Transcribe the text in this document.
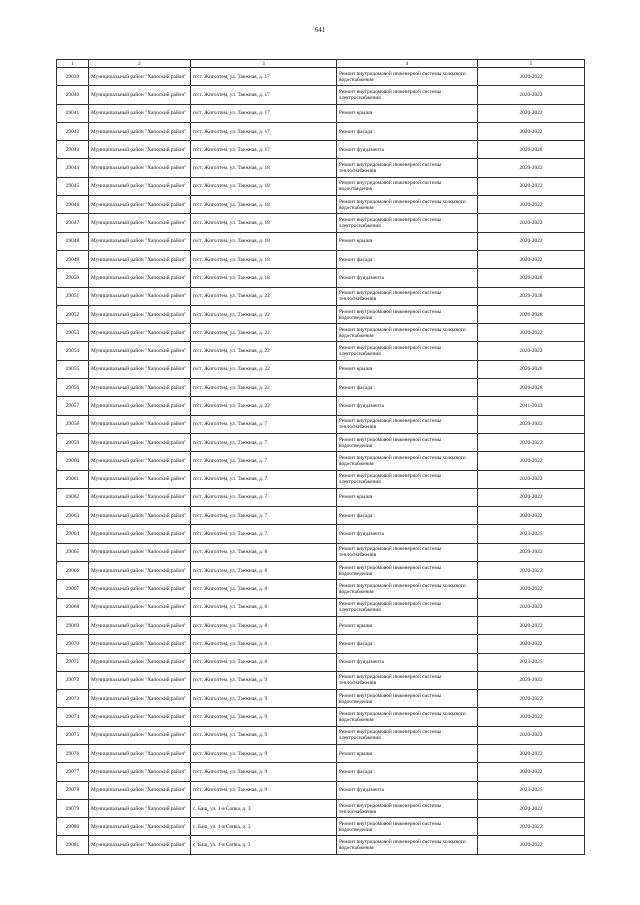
641
1	2	3	4	5
29039	Муниципальный район "Хапоский район"	п/ст. Жиголтем, ул. Таежная, д. 17	Ремонт внутридомовой инженерной системы холодного водоснабжения	2020-2022
29040	Муниципальный район "Хапоский район"	п/ст. Жиголтем, ул. Таежная, д. 17	Ремонт внутридомовой инженерной системы электроснабжения	2020-2022
29041	Муниципальный район "Хапоский район"	п/ст. Жиголтем, ул. Таежная, д. 17	Ремонт крыши	2020-2022
29042	Муниципальный район "Хапоский район"	п/ст. Жиголтем, ул. Таежная, д. 17	Ремонт фасада	2020-2022
29043	Муниципальный район "Хапоский район"	п/ст. Жиголтем, ул. Таежная, д. 17	Ремонт фундамента	2026-2028
29044	Муниципальный район "Хапоский район"	п/ст. Жиголтем, ул. Таежная, д. 18	Ремонт внутридомовой инженерной системы теплоснабжения	2020-2022
29045	Муниципальный район "Хапоский район"	п/ст. Жиголтем, ул. Таежная, д. 18	Ремонт внутридомовой инженерной системы водоотведения	2020-2022
29046	Муниципальный район "Хапоский район"	п/ст. Жиголтем, ул. Таежная, д. 18	Ремонт внутридомовой инженерной системы холодного водоснабжения	2020-2022
29047	Муниципальный район "Хапоский район"	п/ст. Жиголтем, ул. Таежная, д. 18	Ремонт внутридомовой инженерной системы электроснабжения	2020-2022
29048	Муниципальный район "Хапоский район"	п/ст. Жиголтем, ул. Таежная, д. 18	Ремонт крыши	2020-2022
29049	Муниципальный район "Хапоский район"	п/ст. Жиголтем, ул. Таежная, д. 18	Ремонт фасада	2020-2022
29050	Муниципальный район "Хапоский район"	п/ст. Жиголтем, ул. Таежная, д. 18	Ремонт фундамента	2026-2028
29051	Муниципальный район "Хапоский район"	п/ст. Жиголтем, ул. Таежная, д. 22	Ремонт внутридомовой инженерной системы теплоснабжения	2026-2028
29052	Муниципальный район "Хапоский район"	п/ст. Жиголтем, ул. Таежная, д. 22	Ремонт внутридомовой инженерной системы водоотведения	2026-2028
29053	Муниципальный район "Хапоский район"	п/ст. Жиголтем, ул. Таежная, д. 22	Ремонт внутридомовой инженерной системы холодного водоснабжения	2020-2022
29054	Муниципальный район "Хапоский район"	п/ст. Жиголтем, ул. Таежная, д. 22	Ремонт внутридомовой инженерной системы электроснабжения	2020-2022
29055	Муниципальный район "Хапоский район"	п/ст. Жиголтем, ул. Таежная, д. 22	Ремонт крыши	2026-2028
29056	Муниципальный район "Хапоский район"	п/ст. Жиголтем, ул. Таежная, д. 22	Ремонт фасада	2026-2028
29057	Муниципальный район "Хапоский район"	п/ст. Жиголтем, ул. Таежная, д. 22	Ремонт фундамента	2041-2043
29058	Муниципальный район "Хапоский район"	п/ст. Жиголтем, ул. Таежная, д. 7	Ремонт внутридомовой инженерной системы теплоснабжения	2020-2022
29059	Муниципальный район "Хапоский район"	п/ст. Жиголтем, ул. Таежная, д. 7	Ремонт внутридомовой инженерной системы водоотведения	2020-2022
29060	Муниципальный район "Хапоский район"	п/ст. Жиголтем, ул. Таежная, д. 7	Ремонт внутридомовой инженерной системы холодного водоснабжения	2020-2022
29061	Муниципальный район "Хапоский район"	п/ст. Жиголтем, ул. Таежная, д. 7	Ремонт внутридомовой инженерной системы электроснабжения	2020-2022
29062	Муниципальный район "Хапоский район"	п/ст. Жиголтем, ул. Таежная, д. 7	Ремонт крыши	2020-2022
29063	Муниципальный район "Хапоский район"	п/ст. Жиголтем, ул. Таежная, д. 7	Ремонт фасада	2020-2022
29064	Муниципальный район "Хапоский район"	п/ст. Жиголтем, ул. Таежная, д. 7	Ремонт фундамента	2023-2025
29065	Муниципальный район "Хапоский район"	п/ст. Жиголтем, ул. Таежная, д. 8	Ремонт внутридомовой инженерной системы теплоснабжения	2020-2022
29066	Муниципальный район "Хапоский район"	п/ст. Жиголтем, ул. Таежная, д. 8	Ремонт внутридомовой инженерной системы водоотведения	2020-2022
29067	Муниципальный район "Хапоский район"	п/ст. Жиголтем, ул. Таежная, д. 8	Ремонт внутридомовой инженерной системы холодного водоснабжения	2020-2022
29068	Муниципальный район "Хапоский район"	п/ст. Жиголтем, ул. Таежная, д. 8	Ремонт внутридомовой инженерной системы электроснабжения	2020-2022
29069	Муниципальный район "Хапоский район"	п/ст. Жиголтем, ул. Таежная, д. 8	Ремонт крыши	2020-2022
29070	Муниципальный район "Хапоский район"	п/ст. Жиголтем, ул. Таежная, д. 8	Ремонт фасада	2020-2022
29071	Муниципальный район "Хапоский район"	п/ст. Жиголтем, ул. Таежная, д. 8	Ремонт фундамента	2023-2025
29072	Муниципальный район "Хапоский район"	п/ст. Жиголтем, ул. Таежная, д. 9	Ремонт внутридомовой инженерной системы теплоснабжения	2020-2022
29073	Муниципальный район "Хапоский район"	п/ст. Жиголтем, ул. Таежная, д. 9	Ремонт внутридомовой инженерной системы водоотведения	2020-2022
29074	Муниципальный район "Хапоский район"	п/ст. Жиголтем, ул. Таежная, д. 9	Ремонт внутридомовой инженерной системы холодного водоснабжения	2020-2022
29075	Муниципальный район "Хапоский район"	п/ст. Жиголтем, ул. Таежная, д. 9	Ремонт внутридомовой инженерной системы электроснабжения	2020-2022
29076	Муниципальный район "Хапоский район"	п/ст. Жиголтем, ул. Таежная, д. 9	Ремонт крыши	2020-2022
29077	Муниципальный район "Хапоский район"	п/ст. Жиголтем, ул. Таежная, д. 9	Ремонт фасада	2020-2022
29078	Муниципальный район "Хапоский район"	п/ст. Жиголтем, ул. Таежная, д. 9	Ремонт фундамента	2023-2025
29079	Муниципальный район "Хапоский район"	с. Бащ, ул. 1-я Сопка, д. 3	Ремонт внутридомовой инженерной системы теплоснабжения	2020-2022
29080	Муниципальный район "Хапоский район"	с. Бащ, ул. 1-я Сопка, д. 3	Ремонт внутридомовой инженерной системы водоотведения	2020-2022
29081	Муниципальный район "Хапоский район"	с. Бащ, ул. 1-я Сопка, д. 3	Ремонт внутридомовой инженерной системы холодного водоснабжения	2020-2022
